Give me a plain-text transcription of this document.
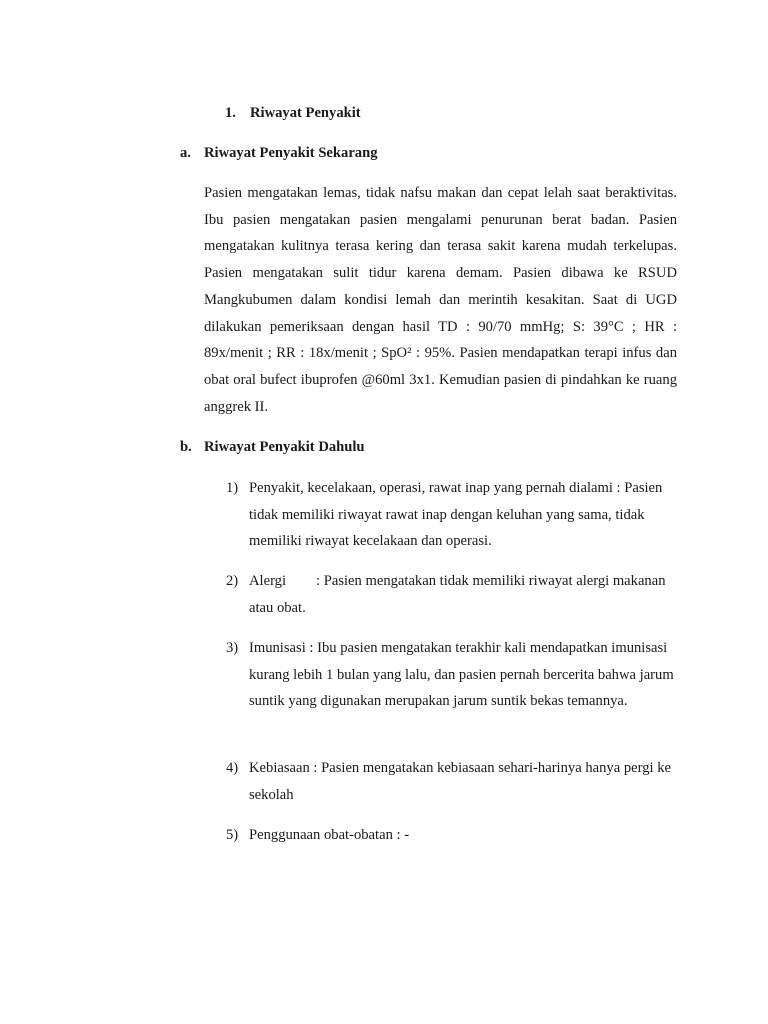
1. Riwayat Penyakit
a. Riwayat Penyakit Sekarang

Pasien mengatakan lemas, tidak nafsu makan dan cepat lelah saat beraktivitas. Ibu pasien mengatakan pasien mengalami penurunan berat badan. Pasien mengatakan kulitnya terasa kering dan terasa sakit karena mudah terkelupas. Pasien mengatakan sulit tidur karena demam. Pasien dibawa ke RSUD Mangkubumen dalam kondisi lemah dan merintih kesakitan. Saat di UGD dilakukan pemeriksaan dengan hasil TD : 90/70 mmHg; S: 39°C ; HR : 89x/menit ; RR : 18x/menit ; SpO² : 95%. Pasien mendapatkan terapi infus dan obat oral bufect ibuprofen @60ml 3x1. Kemudian pasien di pindahkan ke ruang anggrek II.

b. Riwayat Penyakit Dahulu
1) Penyakit, kecelakaan, operasi, rawat inap yang pernah dialami : Pasien tidak memiliki riwayat rawat inap dengan keluhan yang sama, tidak memiliki riwayat kecelakaan dan operasi.
2) Alergi : Pasien mengatakan tidak memiliki riwayat alergi makanan atau obat.
3) Imunisasi : Ibu pasien mengatakan terakhir kali mendapatkan imunisasi kurang lebih 1 bulan yang lalu, dan pasien pernah bercerita bahwa jarum suntik yang digunakan merupakan jarum suntik bekas temannya.
4) Kebiasaan : Pasien mengatakan kebiasaan sehari-harinya hanya pergi ke sekolah
5) Penggunaan obat-obatan : -
